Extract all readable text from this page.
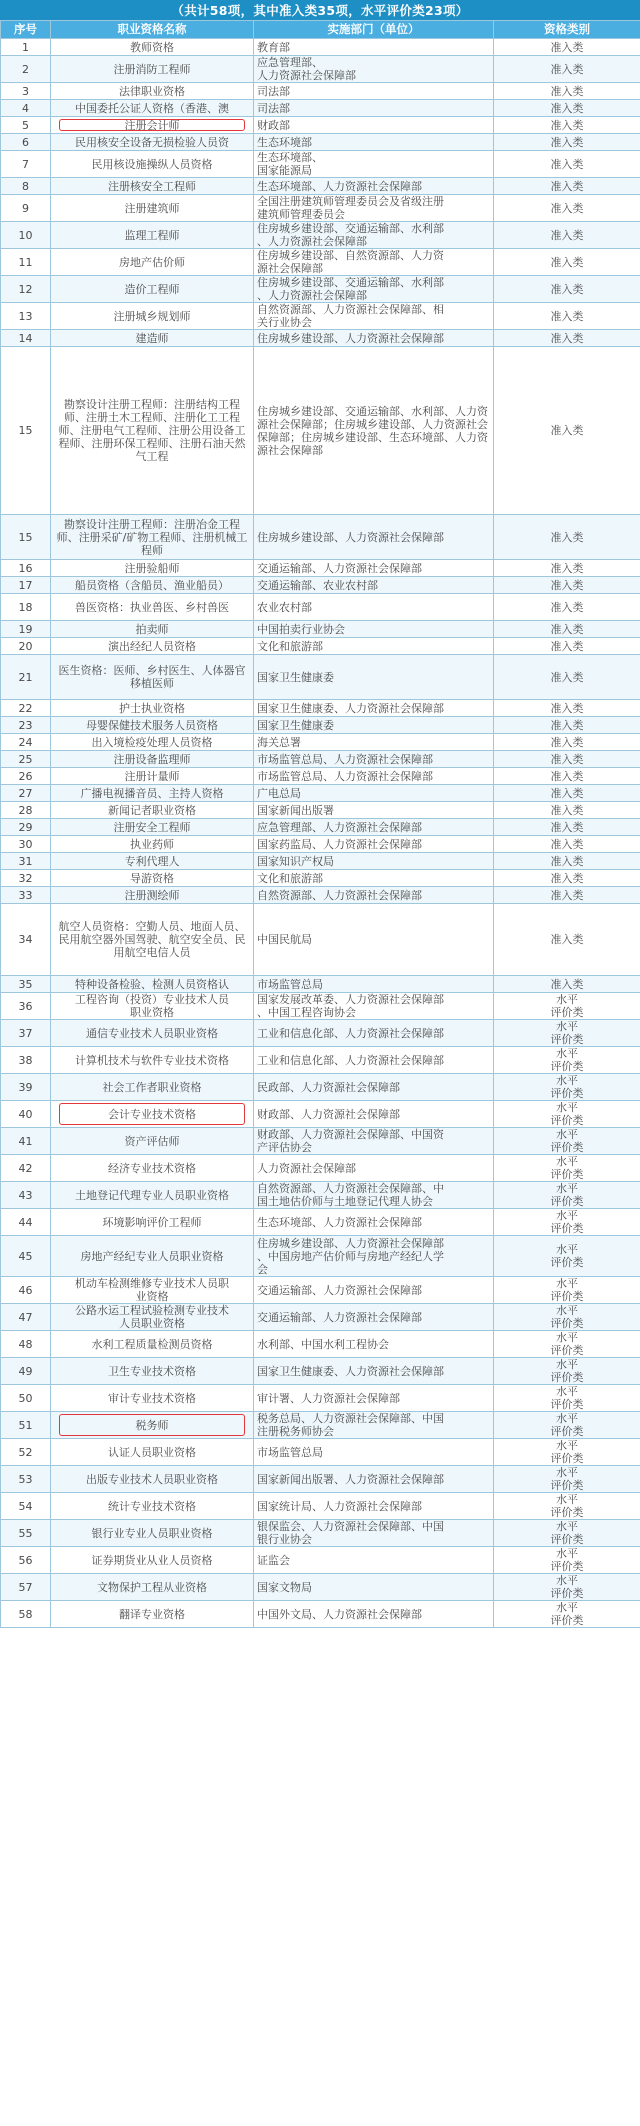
（共计58项，其中准入类35项，水平评价类23项）
序号	职业资格名称	实施部门（单位）	资格类别
1	教师资格	教育部	准入类
2	注册消防工程师	应急管理部、
人力资源社会保障部	准入类
3	法律职业资格	司法部	准入类
4	中国委托公证人资格（香港、澳	司法部	准入类
5	注册会计师	财政部	准入类
6	民用核安全设备无损检验人员资	生态环境部	准入类
7	民用核设施操纵人员资格	生态环境部、
国家能源局	准入类
8	注册核安全工程师	生态环境部、人力资源社会保障部	准入类
9	注册建筑师	全国注册建筑师管理委员会及省级注册
建筑师管理委员会	准入类
10	监理工程师	住房城乡建设部、交通运输部、水利部
、人力资源社会保障部	准入类
11	房地产估价师	住房城乡建设部、自然资源部、人力资
源社会保障部	准入类
12	造价工程师	住房城乡建设部、交通运输部、水利部
、人力资源社会保障部	准入类
13	注册城乡规划师	自然资源部、人力资源社会保障部、相
关行业协会	准入类
14	建造师	住房城乡建设部、人力资源社会保障部	准入类
15	勘察设计注册工程师：注册结构工程师、注册土木工程师、注册化工工程师、注册电气工程师、注册公用设备工程师、注册环保工程师、注册石油天然气工程	住房城乡建设部、交通运输部、水利部、人力资源社会保障部；住房城乡建设部、人力资源社会保障部；住房城乡建设部、生态环境部、人力资源社会保障部	准入类
15	勘察设计注册工程师：注册冶金工程师、注册采矿/矿物工程师、注册机械工程师	住房城乡建设部、人力资源社会保障部	准入类
16	注册验船师	交通运输部、人力资源社会保障部	准入类
17	船员资格（含船员、渔业船员）	交通运输部、农业农村部	准入类
18	兽医资格：执业兽医、乡村兽医	农业农村部	准入类
19	拍卖师	中国拍卖行业协会	准入类
20	演出经纪人员资格	文化和旅游部	准入类
21	医生资格：医师、乡村医生、人体器官移植医师	国家卫生健康委	准入类
22	护士执业资格	国家卫生健康委、人力资源社会保障部	准入类
23	母婴保健技术服务人员资格	国家卫生健康委	准入类
24	出入境检疫处理人员资格	海关总署	准入类
25	注册设备监理师	市场监管总局、人力资源社会保障部	准入类
26	注册计量师	市场监管总局、人力资源社会保障部	准入类
27	广播电视播音员、主持人资格	广电总局	准入类
28	新闻记者职业资格	国家新闻出版署	准入类
29	注册安全工程师	应急管理部、人力资源社会保障部	准入类
30	执业药师	国家药监局、人力资源社会保障部	准入类
31	专利代理人	国家知识产权局	准入类
32	导游资格	文化和旅游部	准入类
33	注册测绘师	自然资源部、人力资源社会保障部	准入类
34	航空人员资格：空勤人员、地面人员、民用航空器外国驾驶、航空安全员、民用航空电信人员	中国民航局	准入类
35	特种设备检验、检测人员资格认	市场监管总局	准入类
36	工程咨询（投资）专业技术人员
职业资格	国家发展改革委、人力资源社会保障部
、中国工程咨询协会	水平
评价类
37	通信专业技术人员职业资格	工业和信息化部、人力资源社会保障部	水平
评价类
38	计算机技术与软件专业技术资格	工业和信息化部、人力资源社会保障部	水平
评价类
39	社会工作者职业资格	民政部、人力资源社会保障部	水平
评价类
40	会计专业技术资格	财政部、人力资源社会保障部	水平
评价类
41	资产评估师	财政部、人力资源社会保障部、中国资
产评估协会	水平
评价类
42	经济专业技术资格	人力资源社会保障部	水平
评价类
43	土地登记代理专业人员职业资格	自然资源部、人力资源社会保障部、中
国土地估价师与土地登记代理人协会	水平
评价类
44	环境影响评价工程师	生态环境部、人力资源社会保障部	水平
评价类
45	房地产经纪专业人员职业资格	住房城乡建设部、人力资源社会保障部
、中国房地产估价师与房地产经纪人学
会	水平
评价类
46	机动车检测维修专业技术人员职
业资格	交通运输部、人力资源社会保障部	水平
评价类
47	公路水运工程试验检测专业技术
人员职业资格	交通运输部、人力资源社会保障部	水平
评价类
48	水利工程质量检测员资格	水利部、中国水利工程协会	水平
评价类
49	卫生专业技术资格	国家卫生健康委、人力资源社会保障部	水平
评价类
50	审计专业技术资格	审计署、人力资源社会保障部	水平
评价类
51	税务师	税务总局、人力资源社会保障部、中国
注册税务师协会	水平
评价类
52	认证人员职业资格	市场监管总局	水平
评价类
53	出版专业技术人员职业资格	国家新闻出版署、人力资源社会保障部	水平
评价类
54	统计专业技术资格	国家统计局、人力资源社会保障部	水平
评价类
55	银行业专业人员职业资格	银保监会、人力资源社会保障部、中国
银行业协会	水平
评价类
56	证券期货业从业人员资格	证监会	水平
评价类
57	文物保护工程从业资格	国家文物局	水平
评价类
58	翻译专业资格	中国外文局、人力资源社会保障部	水平
评价类
